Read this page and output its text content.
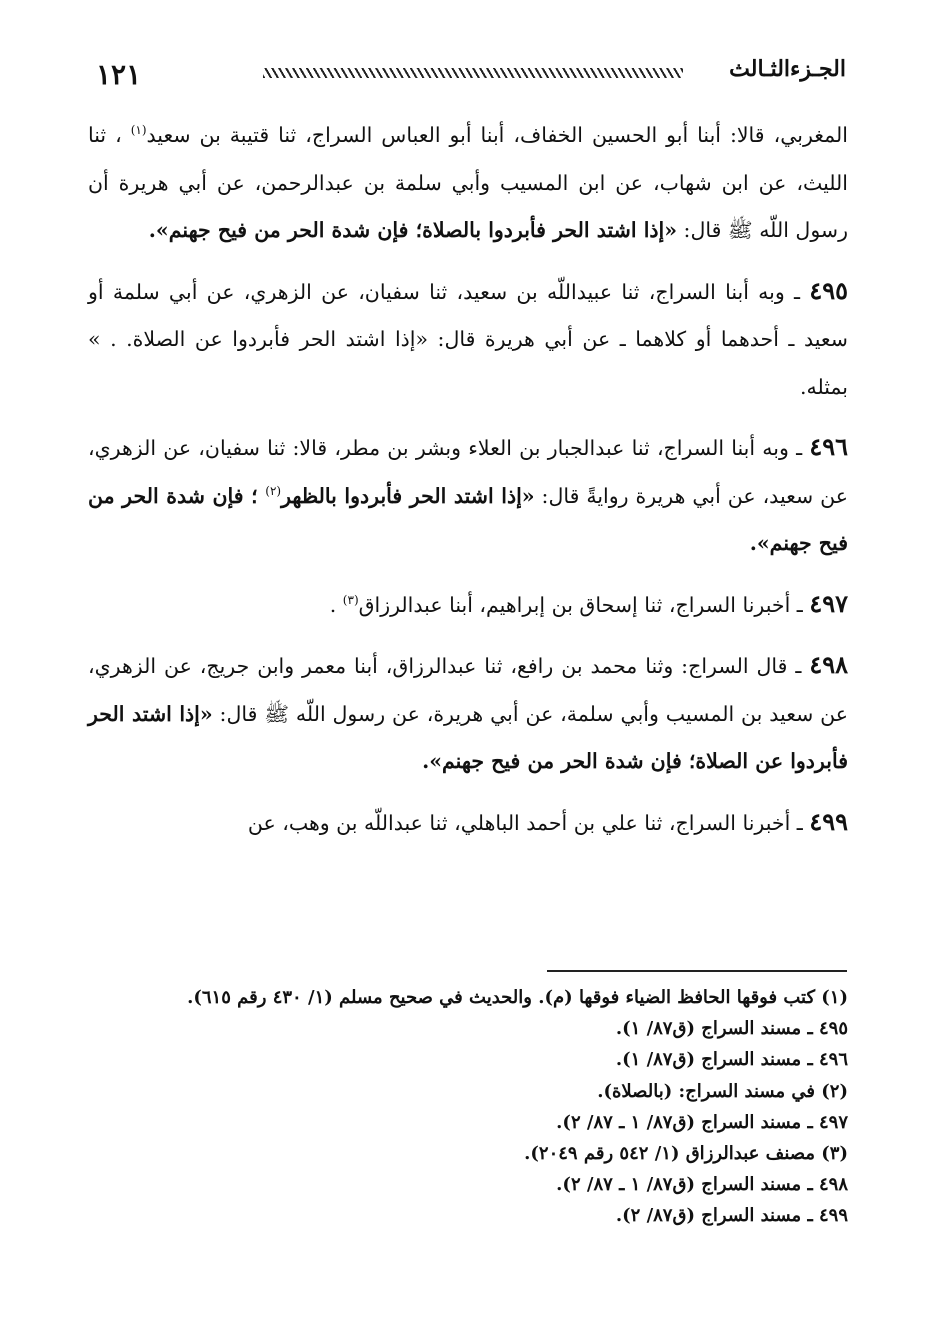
١٢١	الجـزءالثـالث

المغربي، قالا: أبنا أبو الحسين الخفاف، أبنا أبو العباس السراج، ثنا قتيبة بن سعيد$^{(١)}$ ، ثنا الليث، عن ابن شهاب، عن ابن المسيب وأبي سلمة بن عبدالرحمن، عن أبي هريرة أن رسول اللّه ﷺ قال: «إذا اشتد الحر فأبردوا بالصلاة؛ فإن شدة الحر من فيح جهنم».

٤٩٥ ـ وبه أبنا السراج، ثنا عبيداللّه بن سعيد، ثنا سفيان، عن الزهري، عن أبي سلمة أو سعيد ـ أحدهما أو كلاهما ـ عن أبي هريرة قال: «إذا اشتد الحر فأبردوا عن الصلاة. . » بمثله.

٤٩٦ ـ وبه أبنا السراج، ثنا عبدالجبار بن العلاء وبشر بن مطر، قالا: ثنا سفيان، عن الزهري، عن سعيد، عن أبي هريرة روايةً قال: «إذا اشتد الحر فأبردوا بالظهر$^{(٢)}$ ؛ فإن شدة الحر من فيح جهنم».

٤٩٧ ـ أخبرنا السراج، ثنا إسحاق بن إبراهيم، أبنا عبدالرزاق$^{(٣)}$ .

٤٩٨ ـ قال السراج: وثنا محمد بن رافع، ثنا عبدالرزاق، أبنا معمر وابن جريج، عن الزهري، عن سعيد بن المسيب وأبي سلمة، عن أبي هريرة، عن رسول اللّه ﷺ قال: «إذا اشتد الحر فأبردوا عن الصلاة؛ فإن شدة الحر من فيح جهنم».

٤٩٩ ـ أخبرنا السراج، ثنا علي بن أحمد الباهلي، ثنا عبداللّه بن وهب، عن

(١) كتب فوقها الحافظ الضياء فوقها (م). والحديث في صحيح مسلم (١/ ٤٣٠ رقم ٦١٥).
٤٩٥ ـ مسند السراج (ق٨٧/ ١).
٤٩٦ ـ مسند السراج (ق٨٧/ ١).
(٢) في مسند السراج: (بالصلاة).
٤٩٧ ـ مسند السراج (ق٨٧/ ١ ـ ٨٧/ ٢).
(٣) مصنف عبدالرزاق (١/ ٥٤٢ رقم ٢٠٤٩).
٤٩٨ ـ مسند السراج (ق٨٧/ ١ ـ ٨٧/ ٢).
٤٩٩ ـ مسند السراج (ق٨٧/ ٢).
